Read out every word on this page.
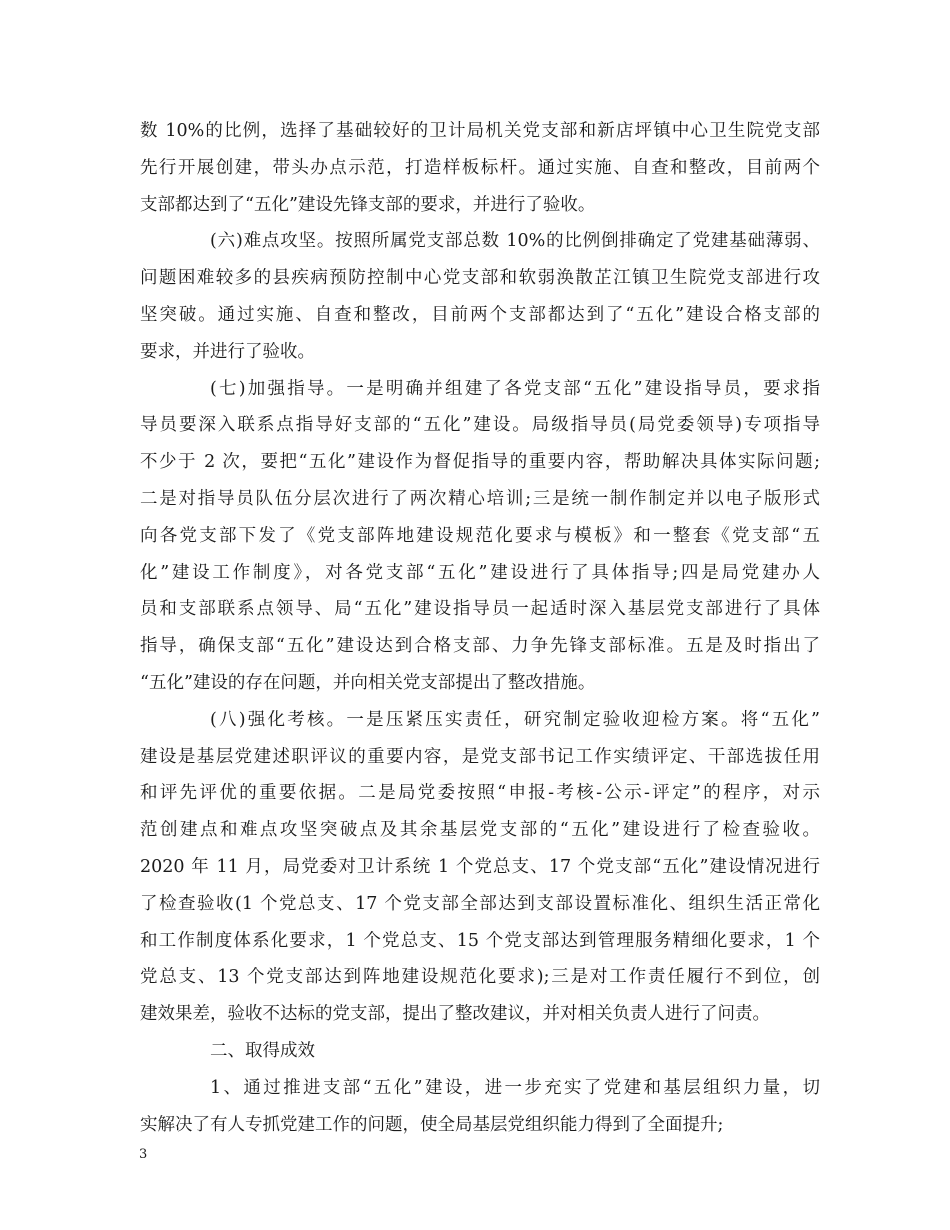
数 10%的比例，选择了基础较好的卫计局机关党支部和新店坪镇中心卫生院党支部
先行开展创建，带头办点示范，打造样板标杆。通过实施、自查和整改，目前两个
支部都达到了“五化”建设先锋支部的要求，并进行了验收。
(六)难点攻坚。按照所属党支部总数 10%的比例倒排确定了党建基础薄弱、
问题困难较多的县疾病预防控制中心党支部和软弱涣散芷江镇卫生院党支部进行攻
坚突破。通过实施、自查和整改，目前两个支部都达到了“五化”建设合格支部的
要求，并进行了验收。
(七)加强指导。一是明确并组建了各党支部“五化”建设指导员，要求指
导员要深入联系点指导好支部的“五化”建设。局级指导员(局党委领导)专项指导
不少于 2 次，要把“五化”建设作为督促指导的重要内容，帮助解决具体实际问题;
二是对指导员队伍分层次进行了两次精心培训;三是统一制作制定并以电子版形式
向各党支部下发了《党支部阵地建设规范化要求与模板》和一整套《党支部“五
化”建设工作制度》，对各党支部“五化”建设进行了具体指导;四是局党建办人
员和支部联系点领导、局“五化”建设指导员一起适时深入基层党支部进行了具体
指导，确保支部“五化”建设达到合格支部、力争先锋支部标准。五是及时指出了
“五化”建设的存在问题，并向相关党支部提出了整改措施。
(八)强化考核。一是压紧压实责任，研究制定验收迎检方案。将“五化”
建设是基层党建述职评议的重要内容，是党支部书记工作实绩评定、干部选拔任用
和评先评优的重要依据。二是局党委按照“申报-考核-公示-评定”的程序，对示
范创建点和难点攻坚突破点及其余基层党支部的“五化”建设进行了检查验收。
2020 年 11 月，局党委对卫计系统 1 个党总支、17 个党支部“五化”建设情况进行
了检查验收(1 个党总支、17 个党支部全部达到支部设置标准化、组织生活正常化
和工作制度体系化要求，1 个党总支、15 个党支部达到管理服务精细化要求，1 个
党总支、13 个党支部达到阵地建设规范化要求);三是对工作责任履行不到位，创
建效果差，验收不达标的党支部，提出了整改建议，并对相关负责人进行了问责。
二、取得成效
1、通过推进支部“五化”建设，进一步充实了党建和基层组织力量，切
实解决了有人专抓党建工作的问题，使全局基层党组织能力得到了全面提升;
3
